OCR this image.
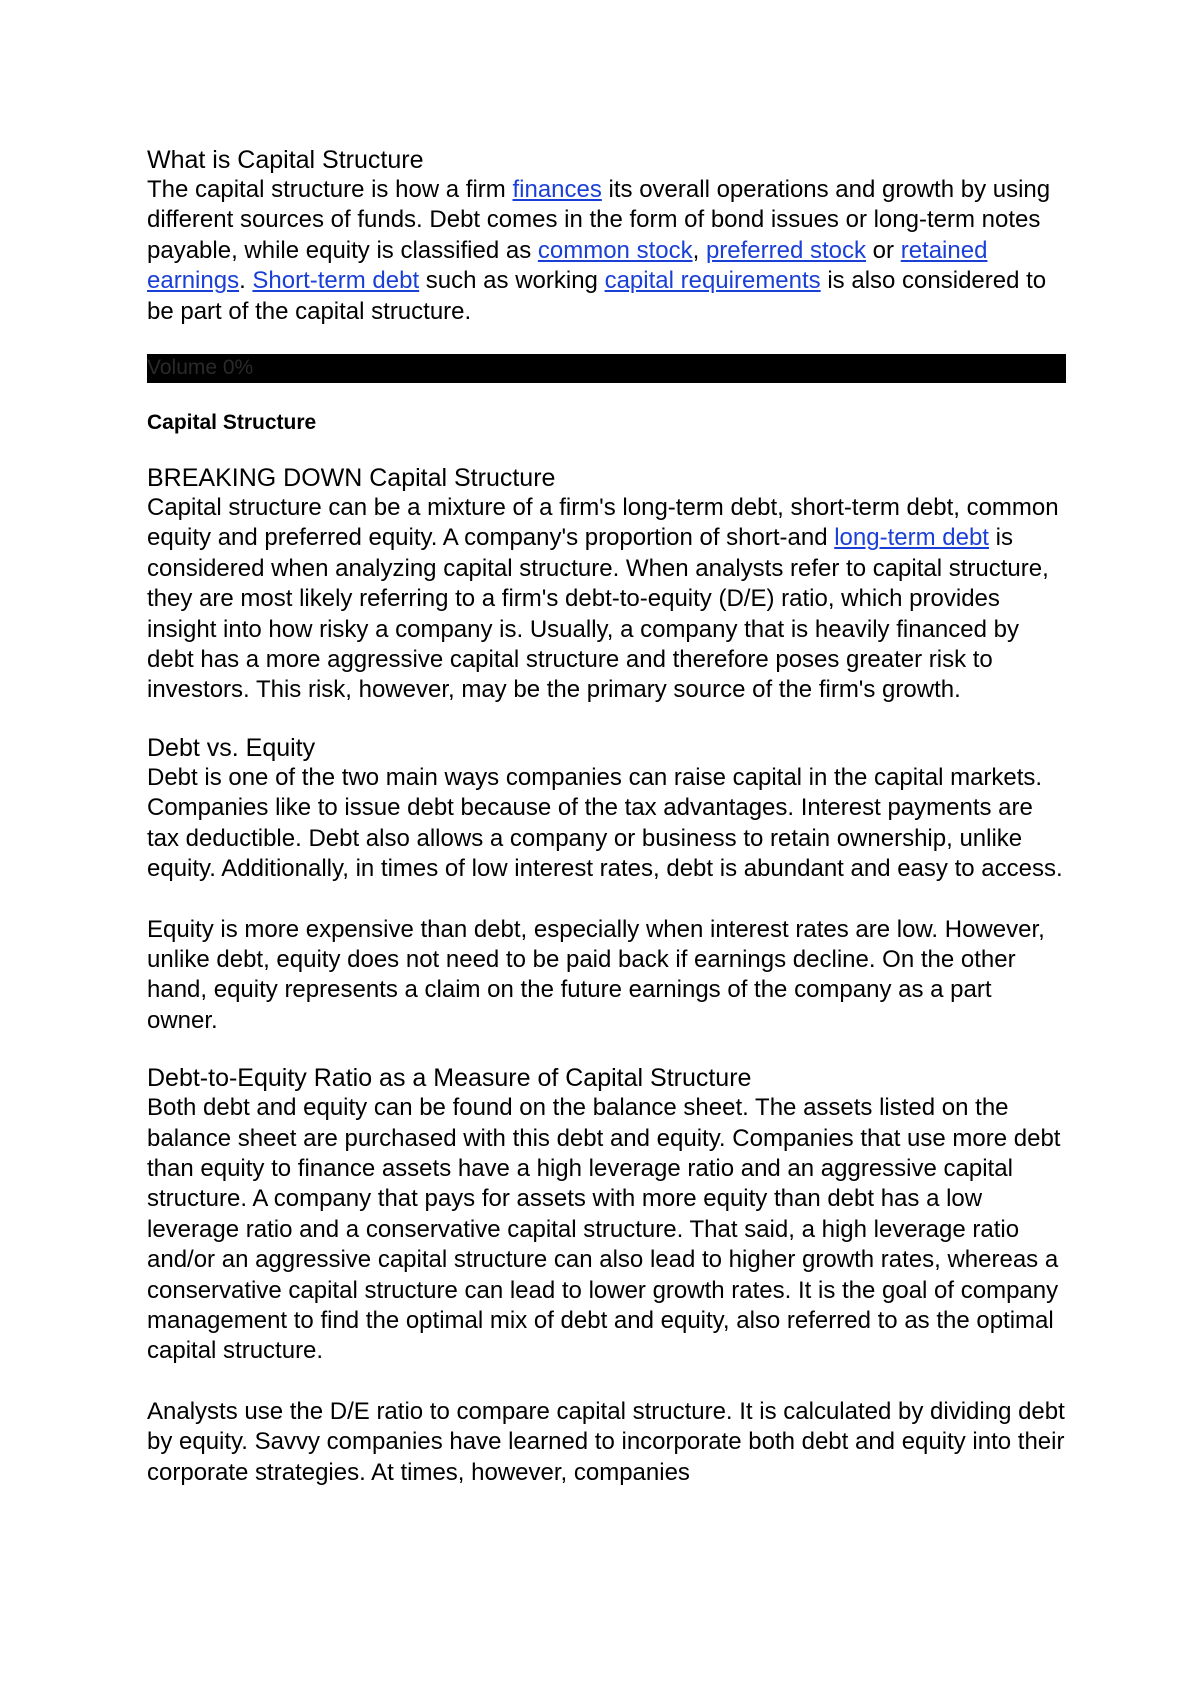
What is Capital Structure

The capital structure is how a firm finances its overall operations and growth by using different sources of funds. Debt comes in the form of bond issues or long-term notes payable, while equity is classified as common stock, preferred stock or retained earnings. Short-term debt such as working capital requirements is also considered to be part of the capital structure.

Volume 0%
Capital Structure
BREAKING DOWN Capital Structure

Capital structure can be a mixture of a firm's long-term debt, short-term debt, common equity and preferred equity. A company's proportion of short-and long-term debt is considered when analyzing capital structure. When analysts refer to capital structure, they are most likely referring to a firm's debt-to-equity (D/E) ratio, which provides insight into how risky a company is. Usually, a company that is heavily financed by debt has a more aggressive capital structure and therefore poses greater risk to investors. This risk, however, may be the primary source of the firm's growth.

Debt vs. Equity

Debt is one of the two main ways companies can raise capital in the capital markets. Companies like to issue debt because of the tax advantages. Interest payments are tax deductible. Debt also allows a company or business to retain ownership, unlike equity. Additionally, in times of low interest rates, debt is abundant and easy to access.

Equity is more expensive than debt, especially when interest rates are low. However, unlike debt, equity does not need to be paid back if earnings decline. On the other hand, equity represents a claim on the future earnings of the company as a part owner.

Debt-to-Equity Ratio as a Measure of Capital Structure

Both debt and equity can be found on the balance sheet. The assets listed on the balance sheet are purchased with this debt and equity. Companies that use more debt than equity to finance assets have a high leverage ratio and an aggressive capital structure. A company that pays for assets with more equity than debt has a low leverage ratio and a conservative capital structure. That said, a high leverage ratio and/or an aggressive capital structure can also lead to higher growth rates, whereas a conservative capital structure can lead to lower growth rates. It is the goal of company management to find the optimal mix of debt and equity, also referred to as the optimal capital structure.

Analysts use the D/E ratio to compare capital structure. It is calculated by dividing debt by equity. Savvy companies have learned to incorporate both debt and equity into their corporate strategies. At times, however, companies
